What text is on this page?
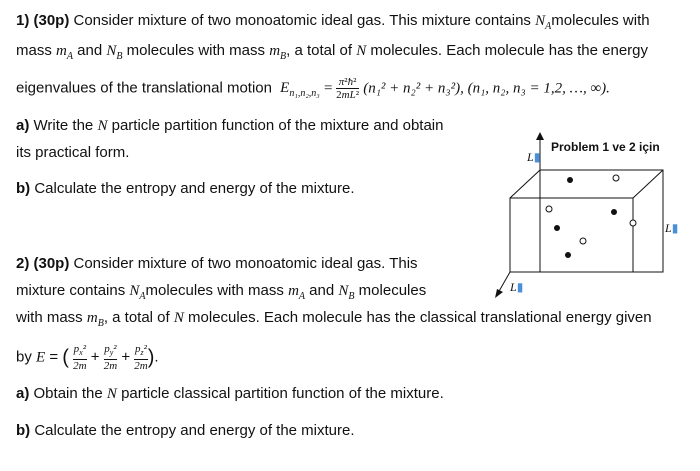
1) (30p) Consider mixture of two monoatomic ideal gas. This mixture contains $N_Amolecules$ with
mass $m_A$ and $N_B$ molecules with mass $m_B$, a total of N molecules. Each molecule has the energy
eigenvalues of the translational motion $E_{n_1,n_2,n_3} = \frac{\text{π²ħ²}}{\text{2mL²}} (n_1^2 + n_2^2 + n_3^2)$, (n₁, n₂, n₃ = 1,2, …, ∞).
a) Write the N particle partition function of the mixture and obtain
its practical form.
b) Calculate the entropy and energy of the mixture.
Problem 1 ve 2 için
L▮
L▮
L▮
2) (30p) Consider mixture of two monoatomic ideal gas. This
mixture contains $N_Amolecules$ with mass $m_A$ and $N_B$ molecules
with mass $m_B$, a total of N molecules. Each molecule has the classical translational energy given
by E = ( $\frac{p_x^2}{2m} + \frac{p_y^2}{2m} + \frac{p_z^2}{2m}$ ).
a) Obtain the N particle classical partition function of the mixture.
b) Calculate the entropy and energy of the mixture.
